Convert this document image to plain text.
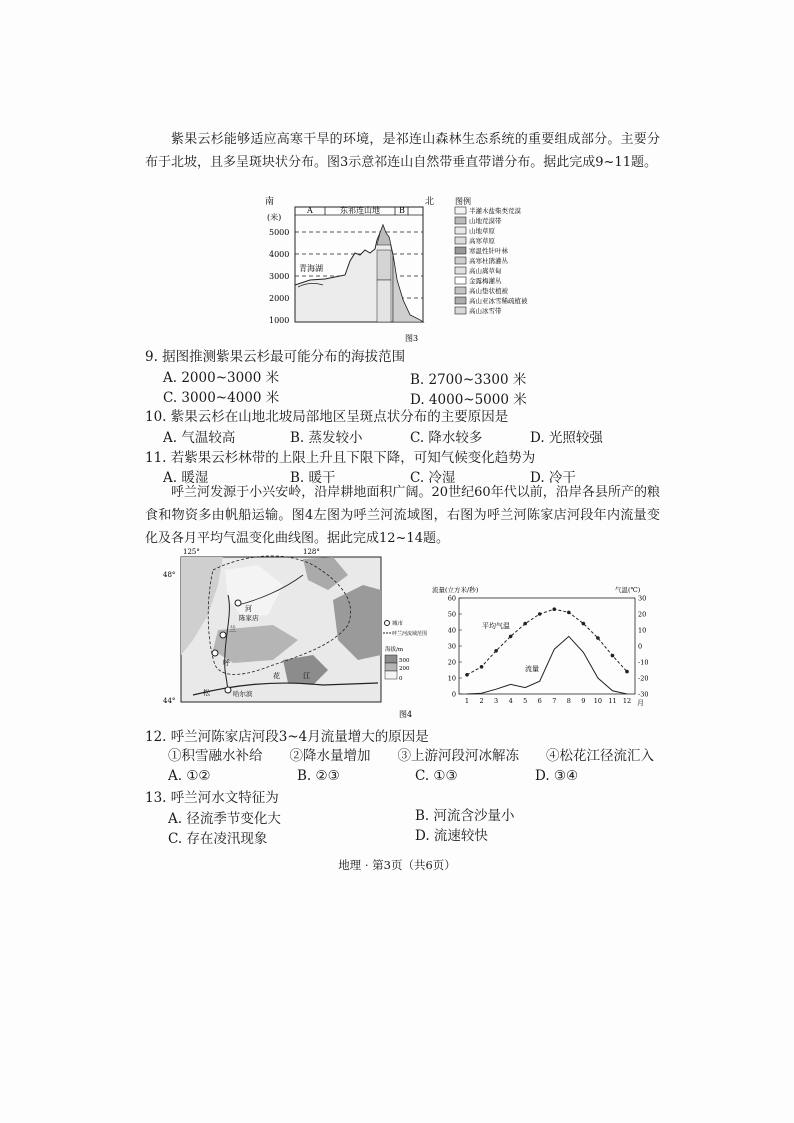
紫果云杉能够适应高寒干旱的环境，是祁连山森林生态系统的重要组成部分。主要分布于北坡，且多呈斑块状分布。图3示意祁连山自然带垂直带谱分布。据此完成9~11题。
南	北
(米)
A	东祁连山地 B
青海湖
5000
4000
3000
2000
1000
图例
半灌木盐柴类荒漠
山地荒漠带
山地草原
高寒草原
寒温性针叶林
高寒杜鹃灌丛
高山嵩草甸
金露梅灌丛
高山垫状植被
高山亚冰雪稀疏植被
高山冰雪带
图3
9. 据图推测紫果云杉最可能分布的海拔范围
A. 2000~3000 米	B. 2700~3300 米
C. 3000~4000 米	D. 4000~5000 米
10. 紫果云杉在山地北坡局部地区呈斑点状分布的主要原因是
A. 气温较高	B. 蒸发较小	C. 降水较多	D. 光照较强
11. 若紫果云杉林带的上限上升且下限下降，可知气候变化趋势为
A. 暖湿	B. 暖干	C. 冷湿	D. 冷干
呼兰河发源于小兴安岭，沿岸耕地面积广阔。20世纪60年代以前，沿岸各县所产的粮食和物资多由帆船运输。图4左图为呼兰河流域图，右图为呼兰河陈家店河段年内流量变化及各月平均气温变化曲线图。据此完成12~14题。
125°	128°
48°
44°
河
陈家店
兰
呼
松
花	江
哈尔滨
城市
呼兰河流域范围
海拔/m
500
200
0
图4
流量(立方米/秒)	气温(℃)
60
50
40
30
20
10
0
30
20
10
0
-10
-20
-30
1 2 3 4 5 6 7 8 9 10 11 12 月
平均气温
流量
12. 呼兰河陈家店河段3~4月流量增大的原因是
①积雪融水补给　　②降水量增加　　③上游河段河冰解冻　　④松花江径流汇入
A. ①②	B. ②③	C. ①③	D. ③④
13. 呼兰河水文特征为
A. 径流季节变化大	B. 河流含沙量小
C. 存在凌汛现象	D. 流速较快
地理 · 第3页（共6页）
